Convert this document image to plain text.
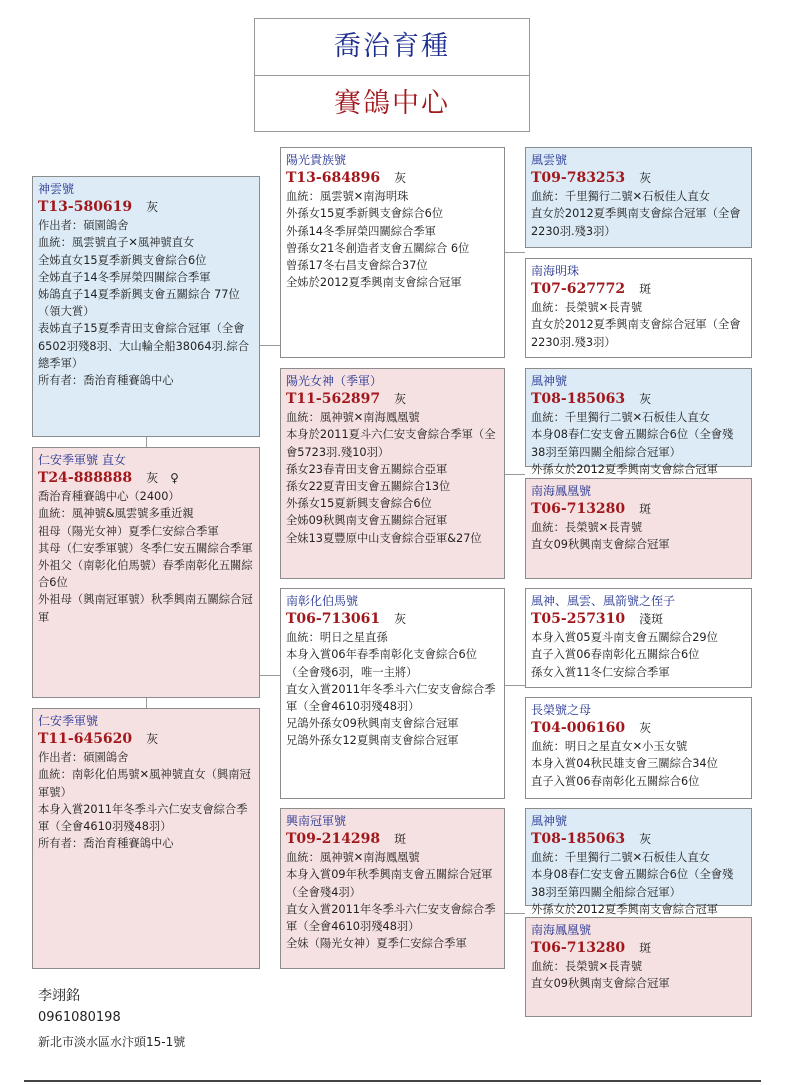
喬治育種
賽鴿中心
神雲號
T13-580619　 灰
作出者：碩園鴿舍
血統：風雲號直子✕風神號直女
全姊直女15夏季新興支會綜合6位
全姊直子14冬季屏榮四關綜合季軍
姊鴿直子14夏季新興支會五關綜合 77位（領大賞）
表姊直子15夏季青田支會綜合冠軍（全會6502羽殘8羽、大山輪全船38064羽.綜合總季軍）
所有者：喬治育種賽鴿中心
仁安季軍號 直女
T24-888888　 灰　♀
喬治育種賽鴿中心（2400）
血統：風神號&風雲號多重近親
祖母（陽光女神）夏季仁安綜合季軍
其母（仁安季軍號）冬季仁安五關綜合季軍
外祖父（南彰化伯馬號）春季南彰化五關綜合6位
外祖母（興南冠軍號）秋季興南五關綜合冠軍
仁安季軍號
T11-645620　 灰
作出者：碩園鴿舍
血統：南彰化伯馬號✕風神號直女（興南冠軍號）
本身入賞2011年冬季斗六仁安支會綜合季軍（全會4610羽殘48羽）
所有者：喬治育種賽鴿中心
陽光貴族號
T13-684896　 灰
血統：風雲號✕南海明珠
外孫女15夏季新興支會綜合6位
外孫14冬季屏榮四關綜合季軍
曾孫女21冬創造者支會五關綜合 6位
曾孫17冬右昌支會綜合37位
全姊於2012夏季興南支會綜合冠軍
陽光女神（季軍）
T11-562897　 灰
血統：風神號✕南海鳳凰號
本身於2011夏斗六仁安支會綜合季軍（全會5723羽.殘10羽）
孫女23春青田支會五關綜合亞軍
孫女22夏青田支會五關綜合13位
外孫女15夏新興支會綜合6位
全姊09秋興南支會五關綜合冠軍
全妹13夏豐原中山支會綜合亞軍&27位
南彰化伯馬號
T06-713061　 灰
血統：明日之星直孫
本身入賞06年春季南彰化支會綜合6位（全會殘6羽，唯一主將）
直女入賞2011年冬季斗六仁安支會綜合季軍（全會4610羽殘48羽）
兄鴿外孫女09秋興南支會綜合冠軍
兄鴿外孫女12夏興南支會綜合冠軍
興南冠軍號
T09-214298　 斑
血統：風神號✕南海鳳凰號
本身入賞09年秋季興南支會五關綜合冠軍（全會殘4羽）
直女入賞2011年冬季斗六仁安支會綜合季軍（全會4610羽殘48羽）
全妹（陽光女神）夏季仁安綜合季軍
風雲號
T09-783253　 灰
血統：千里獨行二號✕石板佳人直女
直女於2012夏季興南支會綜合冠軍（全會2230羽.殘3羽）
南海明珠
T07-627772　 斑
血統：長榮號✕長青號
直女於2012夏季興南支會綜合冠軍（全會2230羽.殘3羽）
風神號
T08-185063　 灰
血統：千里獨行二號✕石板佳人直女
本身08春仁安支會五關綜合6位（全會殘38羽至第四關全船綜合冠軍）
外孫女於2012夏季興南支會綜合冠軍
南海鳳凰號
T06-713280　 斑
血統：長榮號✕長青號
直女09秋興南支會綜合冠軍
風神、風雲、風箭號之侄子
T05-257310　 淺斑
本身入賞05夏斗南支會五關綜合29位
直子入賞06春南彰化五關綜合6位
孫女入賞11冬仁安綜合季軍
長榮號之母
T04-006160　 灰
血統：明日之星直女✕小玉女號
本身入賞04秋民雄支會三關綜合34位
直子入賞06春南彰化五關綜合6位
風神號
T08-185063　 灰
血統：千里獨行二號✕石板佳人直女
本身08春仁安支會五關綜合6位（全會殘38羽至第四關全船綜合冠軍）
外孫女於2012夏季興南支會綜合冠軍
南海鳳凰號
T06-713280　 斑
血統：長榮號✕長青號
直女09秋興南支會綜合冠軍
李翊銘
0961080198
新北市淡水區水汴頭15-1號
